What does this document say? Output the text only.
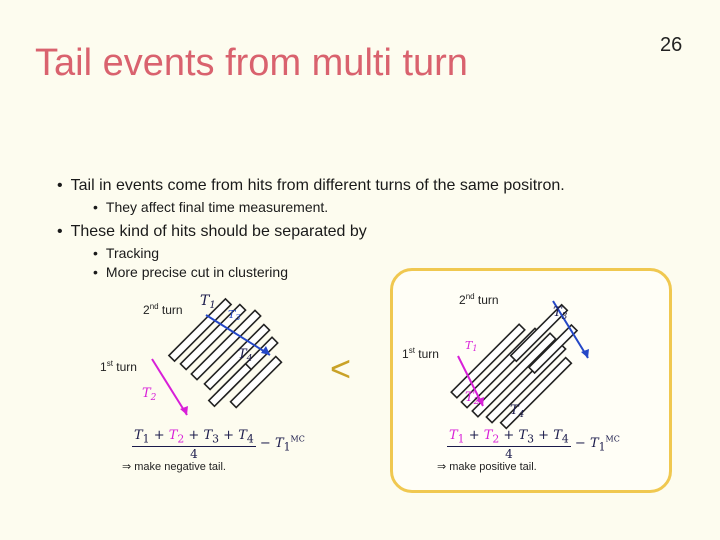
26
Tail events from multi turn
• Tail in events come from hits from different turns of the same positron.
• They affect final time measurement.
• These kind of hits should be separated by
• Tracking
• More precise cut in clustering
$T_1$
T3
$T_4$
$T_2$
2nd turn
1st turn
$\frac{T_1 + T_2 + T_3 + T_4}{4} - T_1^{MC}$
⇒ make negative tail.
<
T1
$T_3$
$T_2$
$T_4$
2nd turn
1st turn
$\frac{T_1 + T_2 + T_3 + T_4}{4} - T_1^{MC}$
⇒ make positive tail.
